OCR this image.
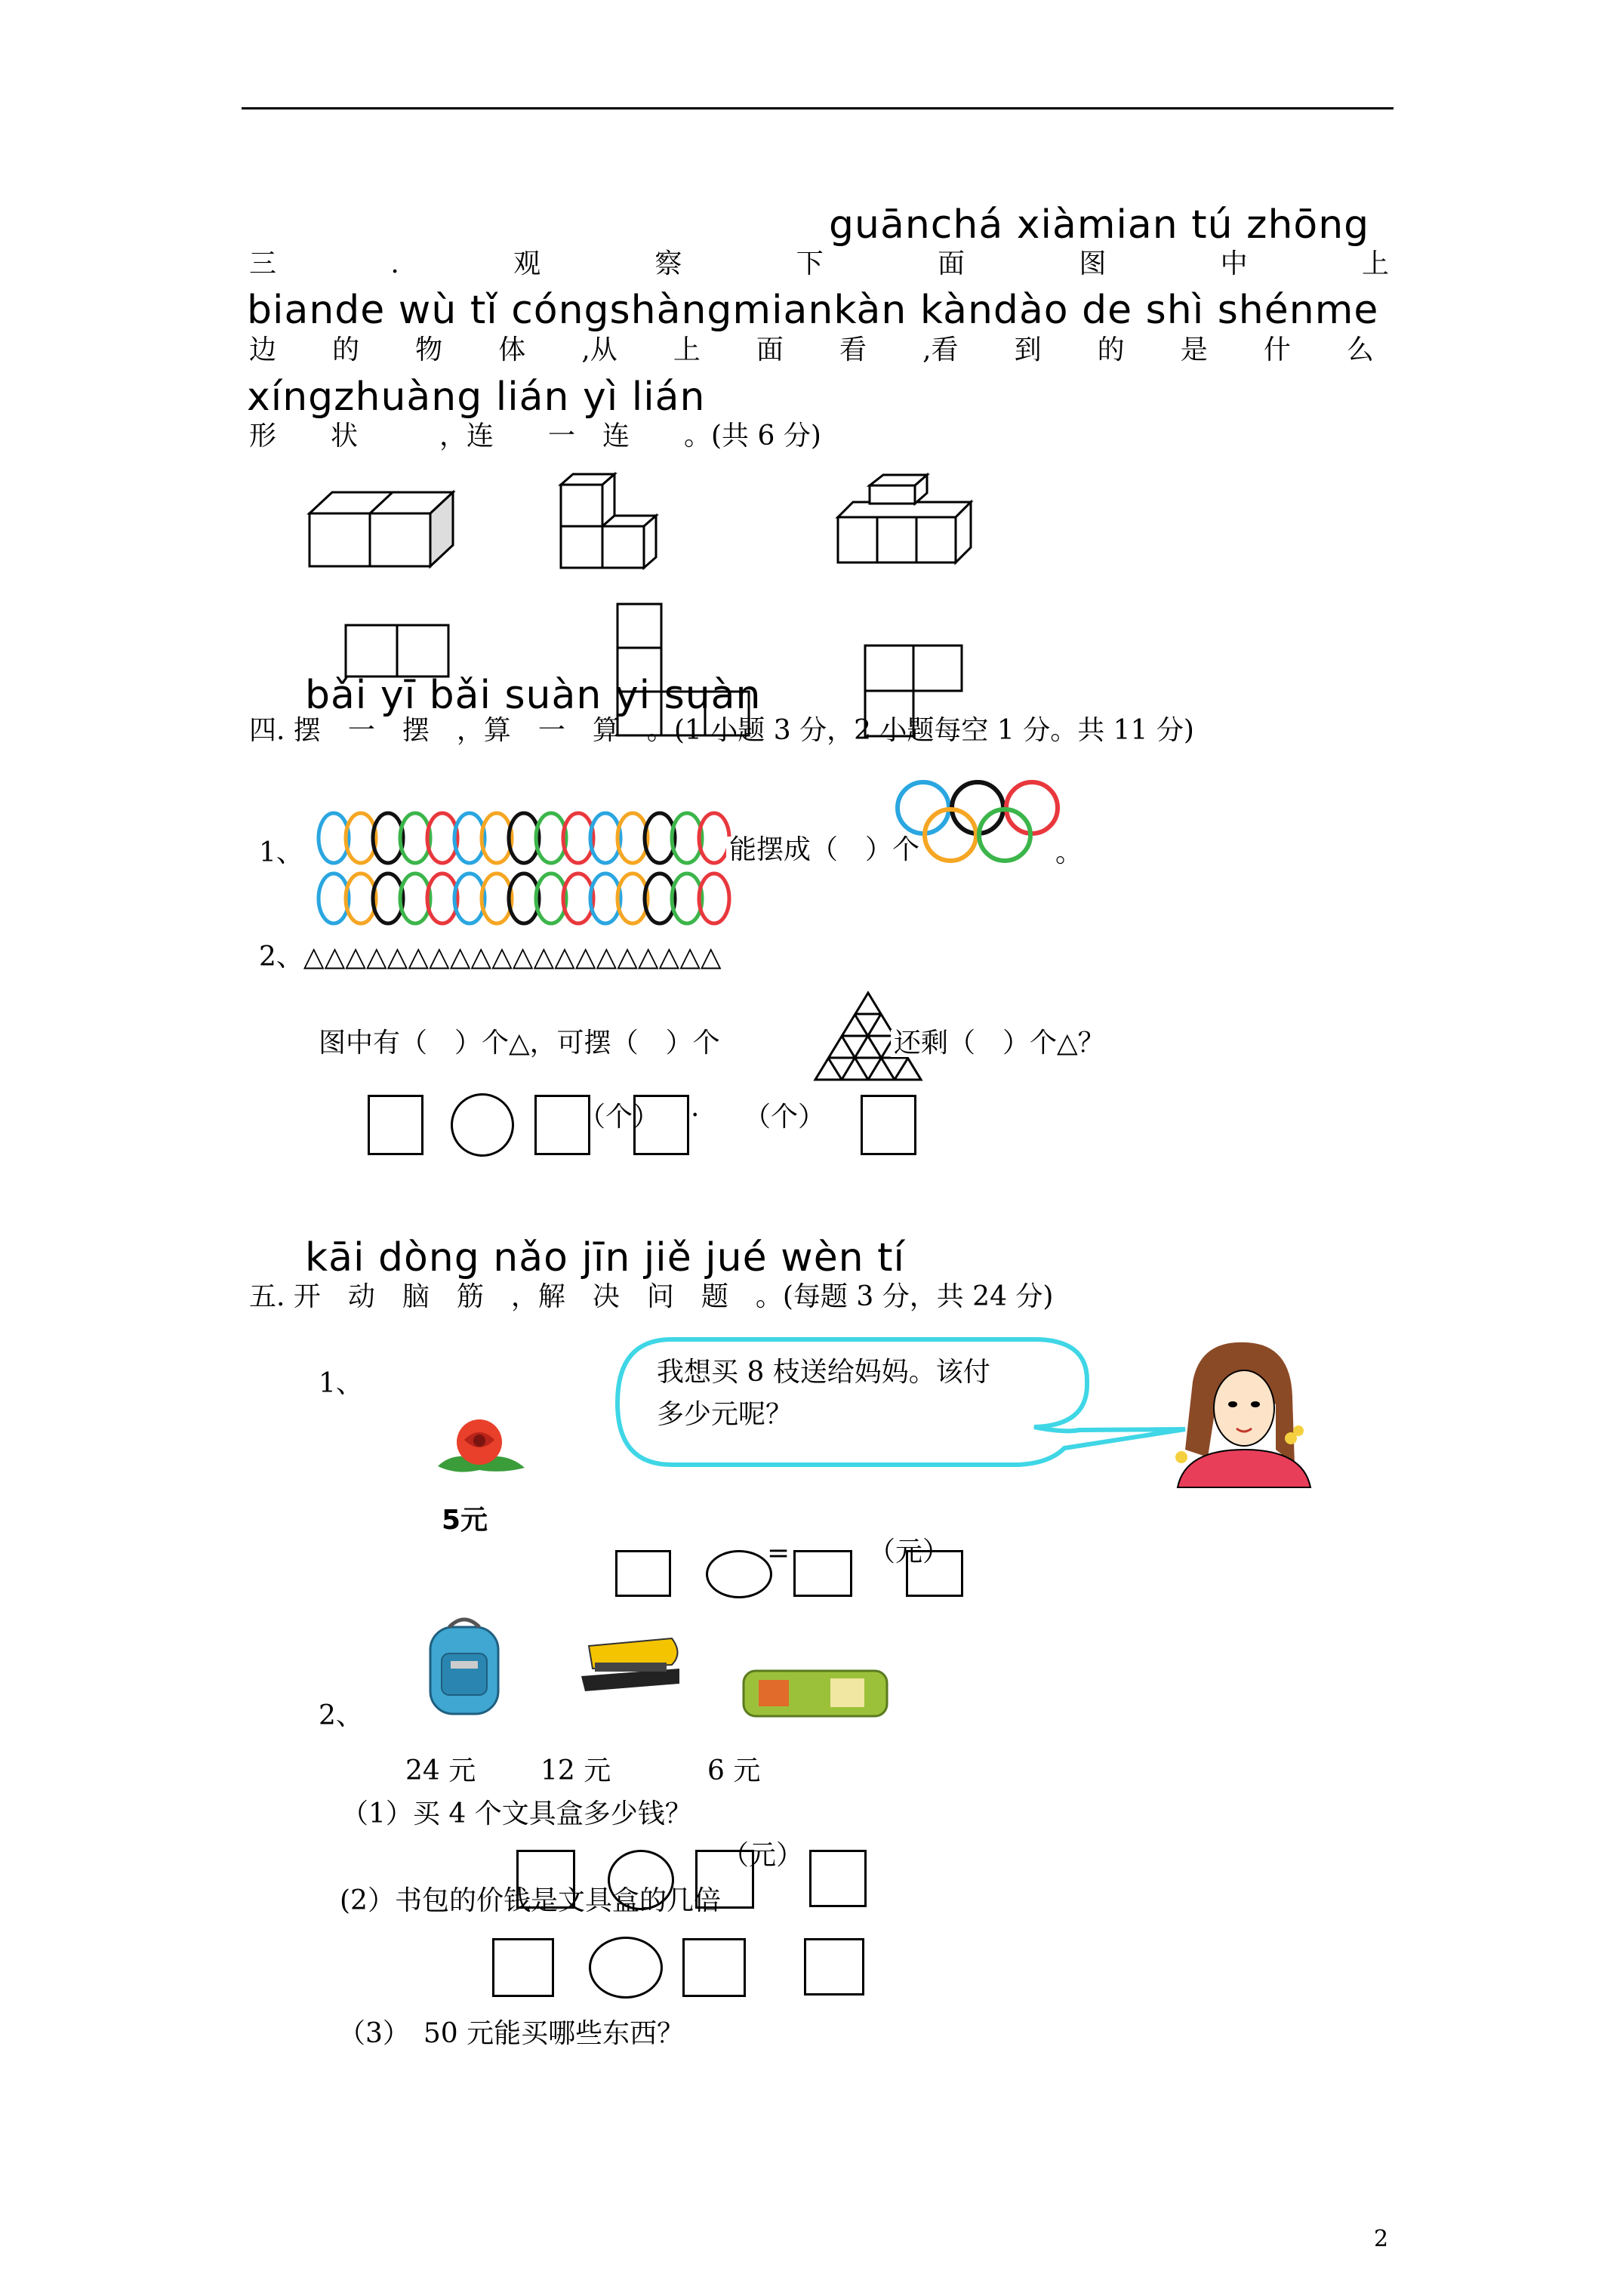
guānchá xiàmian tú zhōng
三	.	观	察	下	面	图	中	上
biande wù tǐ cóngshàngmiankàn kàndào de shì shénme
边 的 物 体 ,从 上 面 看 ,看 到 的 是 什 么
xíngzhuàng lián yì lián
形　　状　　　，连　　一　连　　。(共 6 分)
bǎi yī bǎi suàn yi suàn
四. 摆　一　摆　，算　一　算　。(1 小题 3 分，2 小题每空 1 分。共 11 分)
1、	能摆成（　）个	。
2、△△△△△△△△△△△△△△△△△△△△
图中有（　）个△，可摆（　）个	还剩（　）个△？
（个） · （个）
kāi dòng nǎo jīn jiě jué wèn tí
五. 开　动　脑　筋　，解　决　问　题　。(每题 3 分，共 24 分)
1、	我想买 8 枝送给妈妈。该付
多少元呢？
5元
=	（元）
2、
24 元 12 元	6 元
（1）买 4 个文具盒多少钱？
(2）书包的价钱是文具盒的几倍
（元）
（3）　50 元能买哪些东西？
2
